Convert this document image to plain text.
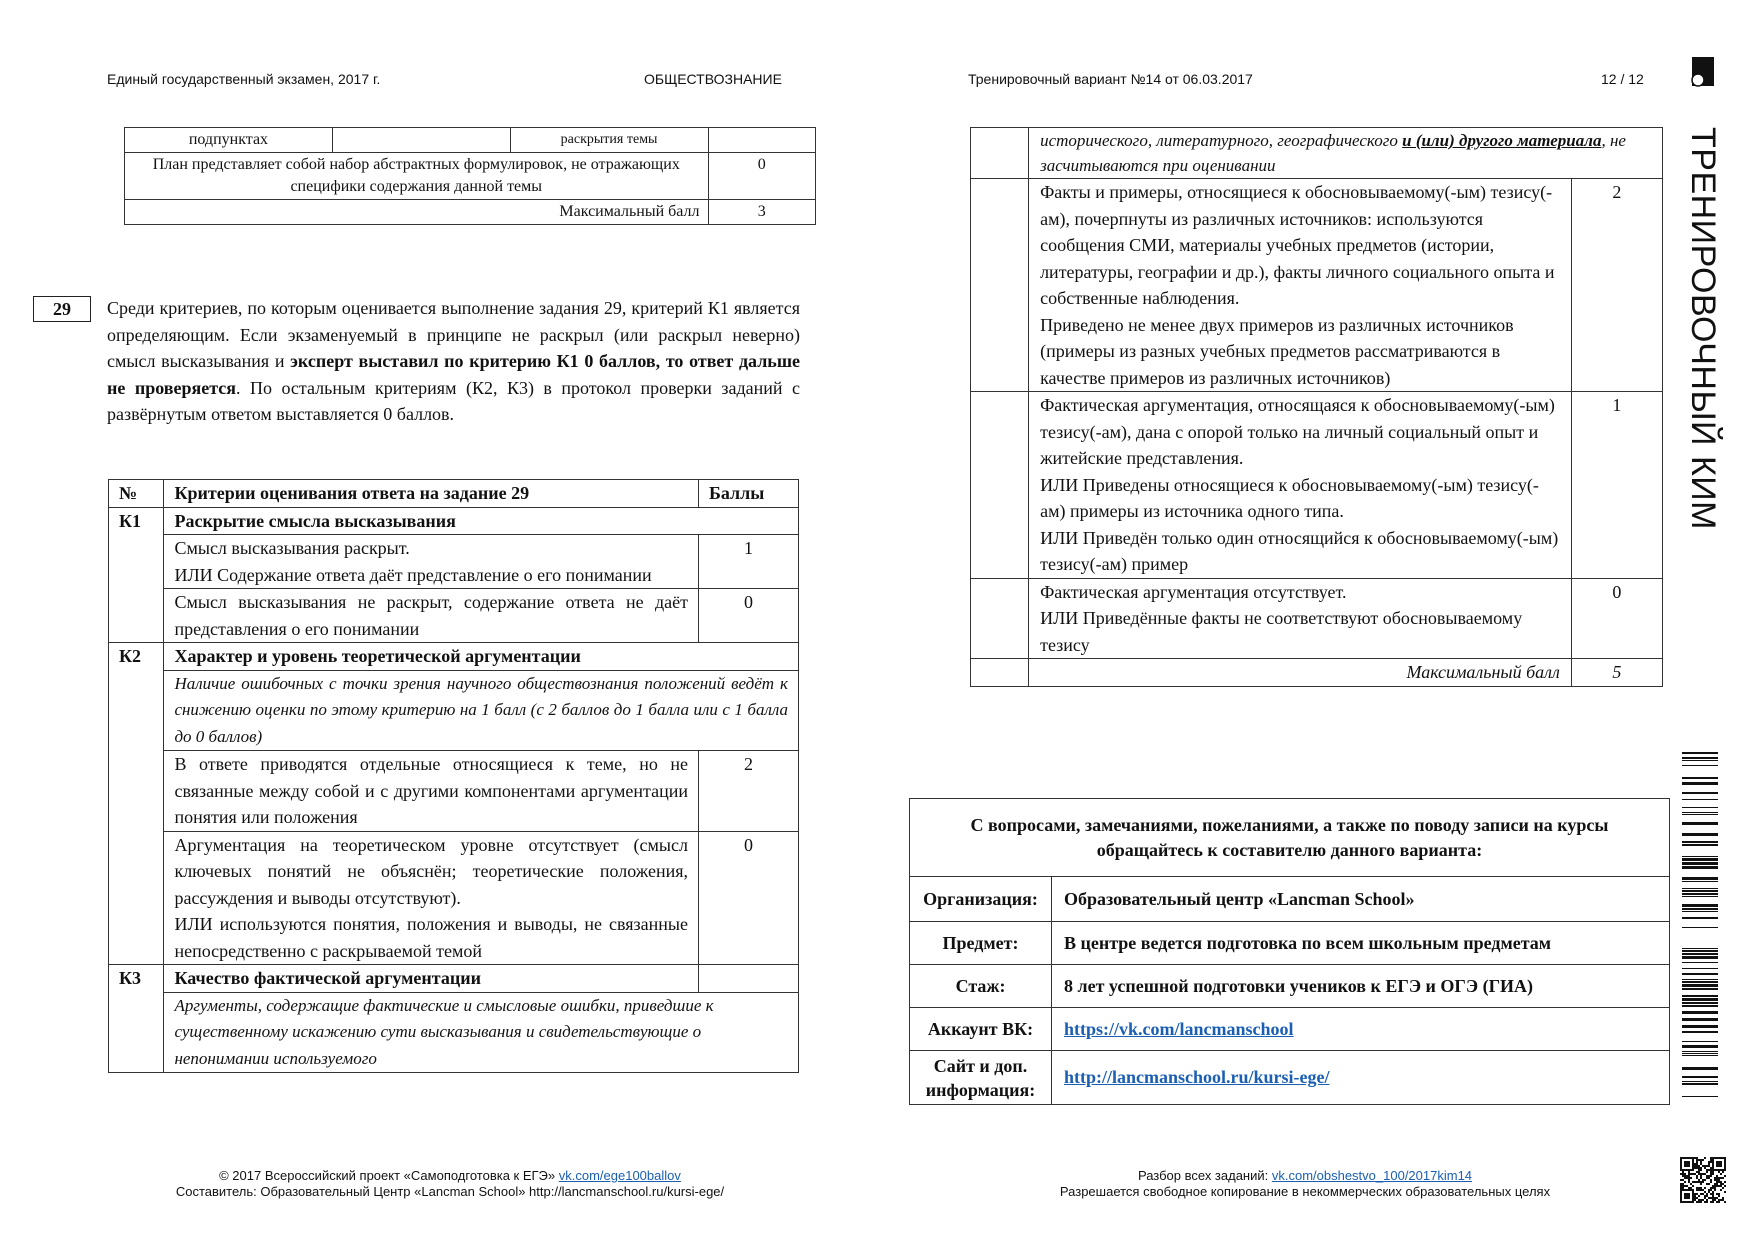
Единый государственный экзамен, 2017 г.	ОБЩЕСТВОЗНАНИЕ	Тренировочный вариант №14 от 06.03.2017	12 / 12
ТРЕНИРОВОЧНЫЙ КИМ
подпунктах		раскрытия темы	
План представляет собой набор абстрактных формулировок, не отражающих специфики содержания данной темы			0
Максимальный балл			3
29	Среди критериев, по которым оценивается выполнение задания 29, критерий К1 является определяющим. Если экзаменуемый в принципе не раскрыл (или раскрыл неверно) смысл высказывания и эксперт выставил по критерию К1 0 баллов, то ответ дальше не проверяется. По остальным критериям (К2, К3) в протокол проверки заданий с развёрнутым ответом выставляется 0 баллов.
№	Критерии оценивания ответа на задание 29	Баллы
К1	Раскрытие смысла высказывания	

	Смысл высказывания раскрыт.
ИЛИ Содержание ответа даёт представление о его понимании	1
	Смысл высказывания не раскрыт, содержание ответа не даёт представления о его понимании	0
К2	Характер и уровень теоретической аргументации	
	Наличие ошибочных с точки зрения научного обществознания положений ведёт к снижению оценки по этому критерию на 1 балл (с 2 баллов до 1 балла или с 1 балла до 0 баллов)	
	В ответе приводятся отдельные относящиеся к теме, но не связанные между собой и с другими компонентами аргументации понятия или положения	2

	Аргументация на теоретическом уровне отсутствует (смысл ключевых понятий не объяснён; теоретические положения, рассуждения и выводы отсутствуют).
ИЛИ используются понятия, положения и выводы, не связанные непосредственно с раскрываемой темой	0
К3	Качество фактической аргументации	
	Аргументы, содержащие фактические и смысловые ошибки, приведшие к существенному искажению сути высказывания и свидетельствующие о непонимании используемого	
	исторического, литературного, географического и (или) другого материала, не засчитываются при оценивании	

	Факты и примеры, относящиеся к обосновываемому(-ым) тезису(-ам), почерпнуты из различных источников: используются сообщения СМИ, материалы учебных предметов (истории, литературы, географии и др.), факты личного социального опыта и собственные наблюдения.
Приведено не менее двух примеров из различных источников (примеры из разных учебных предметов рассматриваются в качестве примеров из различных источников)	2

	Фактическая аргументация, относящаяся к обосновываемому(-ым) тезису(-ам), дана с опорой только на личный социальный опыт и житейские представления.
ИЛИ Приведены относящиеся к обосновываемому(-ым) тезису(-ам) примеры из источника одного типа.
ИЛИ Приведён только один относящийся к обосновываемому(-ым) тезису(-ам) пример	1

	Фактическая аргументация отсутствует.
ИЛИ Приведённые факты не соответствуют обосновываемому тезису	0
	Максимальный балл	5
С вопросами, замечаниями, пожеланиями, а также по поводу записи на курсы обращайтесь к составителю данного варианта:	
Организация:	Образовательный центр «Lancman School»
Предмет:	В центре ведется подготовка по всем школьным предметам
Стаж:	8 лет успешной подготовки учеников к ЕГЭ и ОГЭ (ГИА)
Аккаунт ВК:	https://vk.com/lancmanschool
Сайт и доп. информация:	http://lancmanschool.ru/kursi-ege/
© 2017 Всероссийский проект «Самоподготовка к ЕГЭ» vk.com/ege100ballov
Составитель: Образовательный Центр «Lancman School» http://lancmanschool.ru/kursi-ege/
Разбор всех заданий: vk.com/obshestvo_100/2017kim14
Разрешается свободное копирование в некоммерческих образовательных целях
